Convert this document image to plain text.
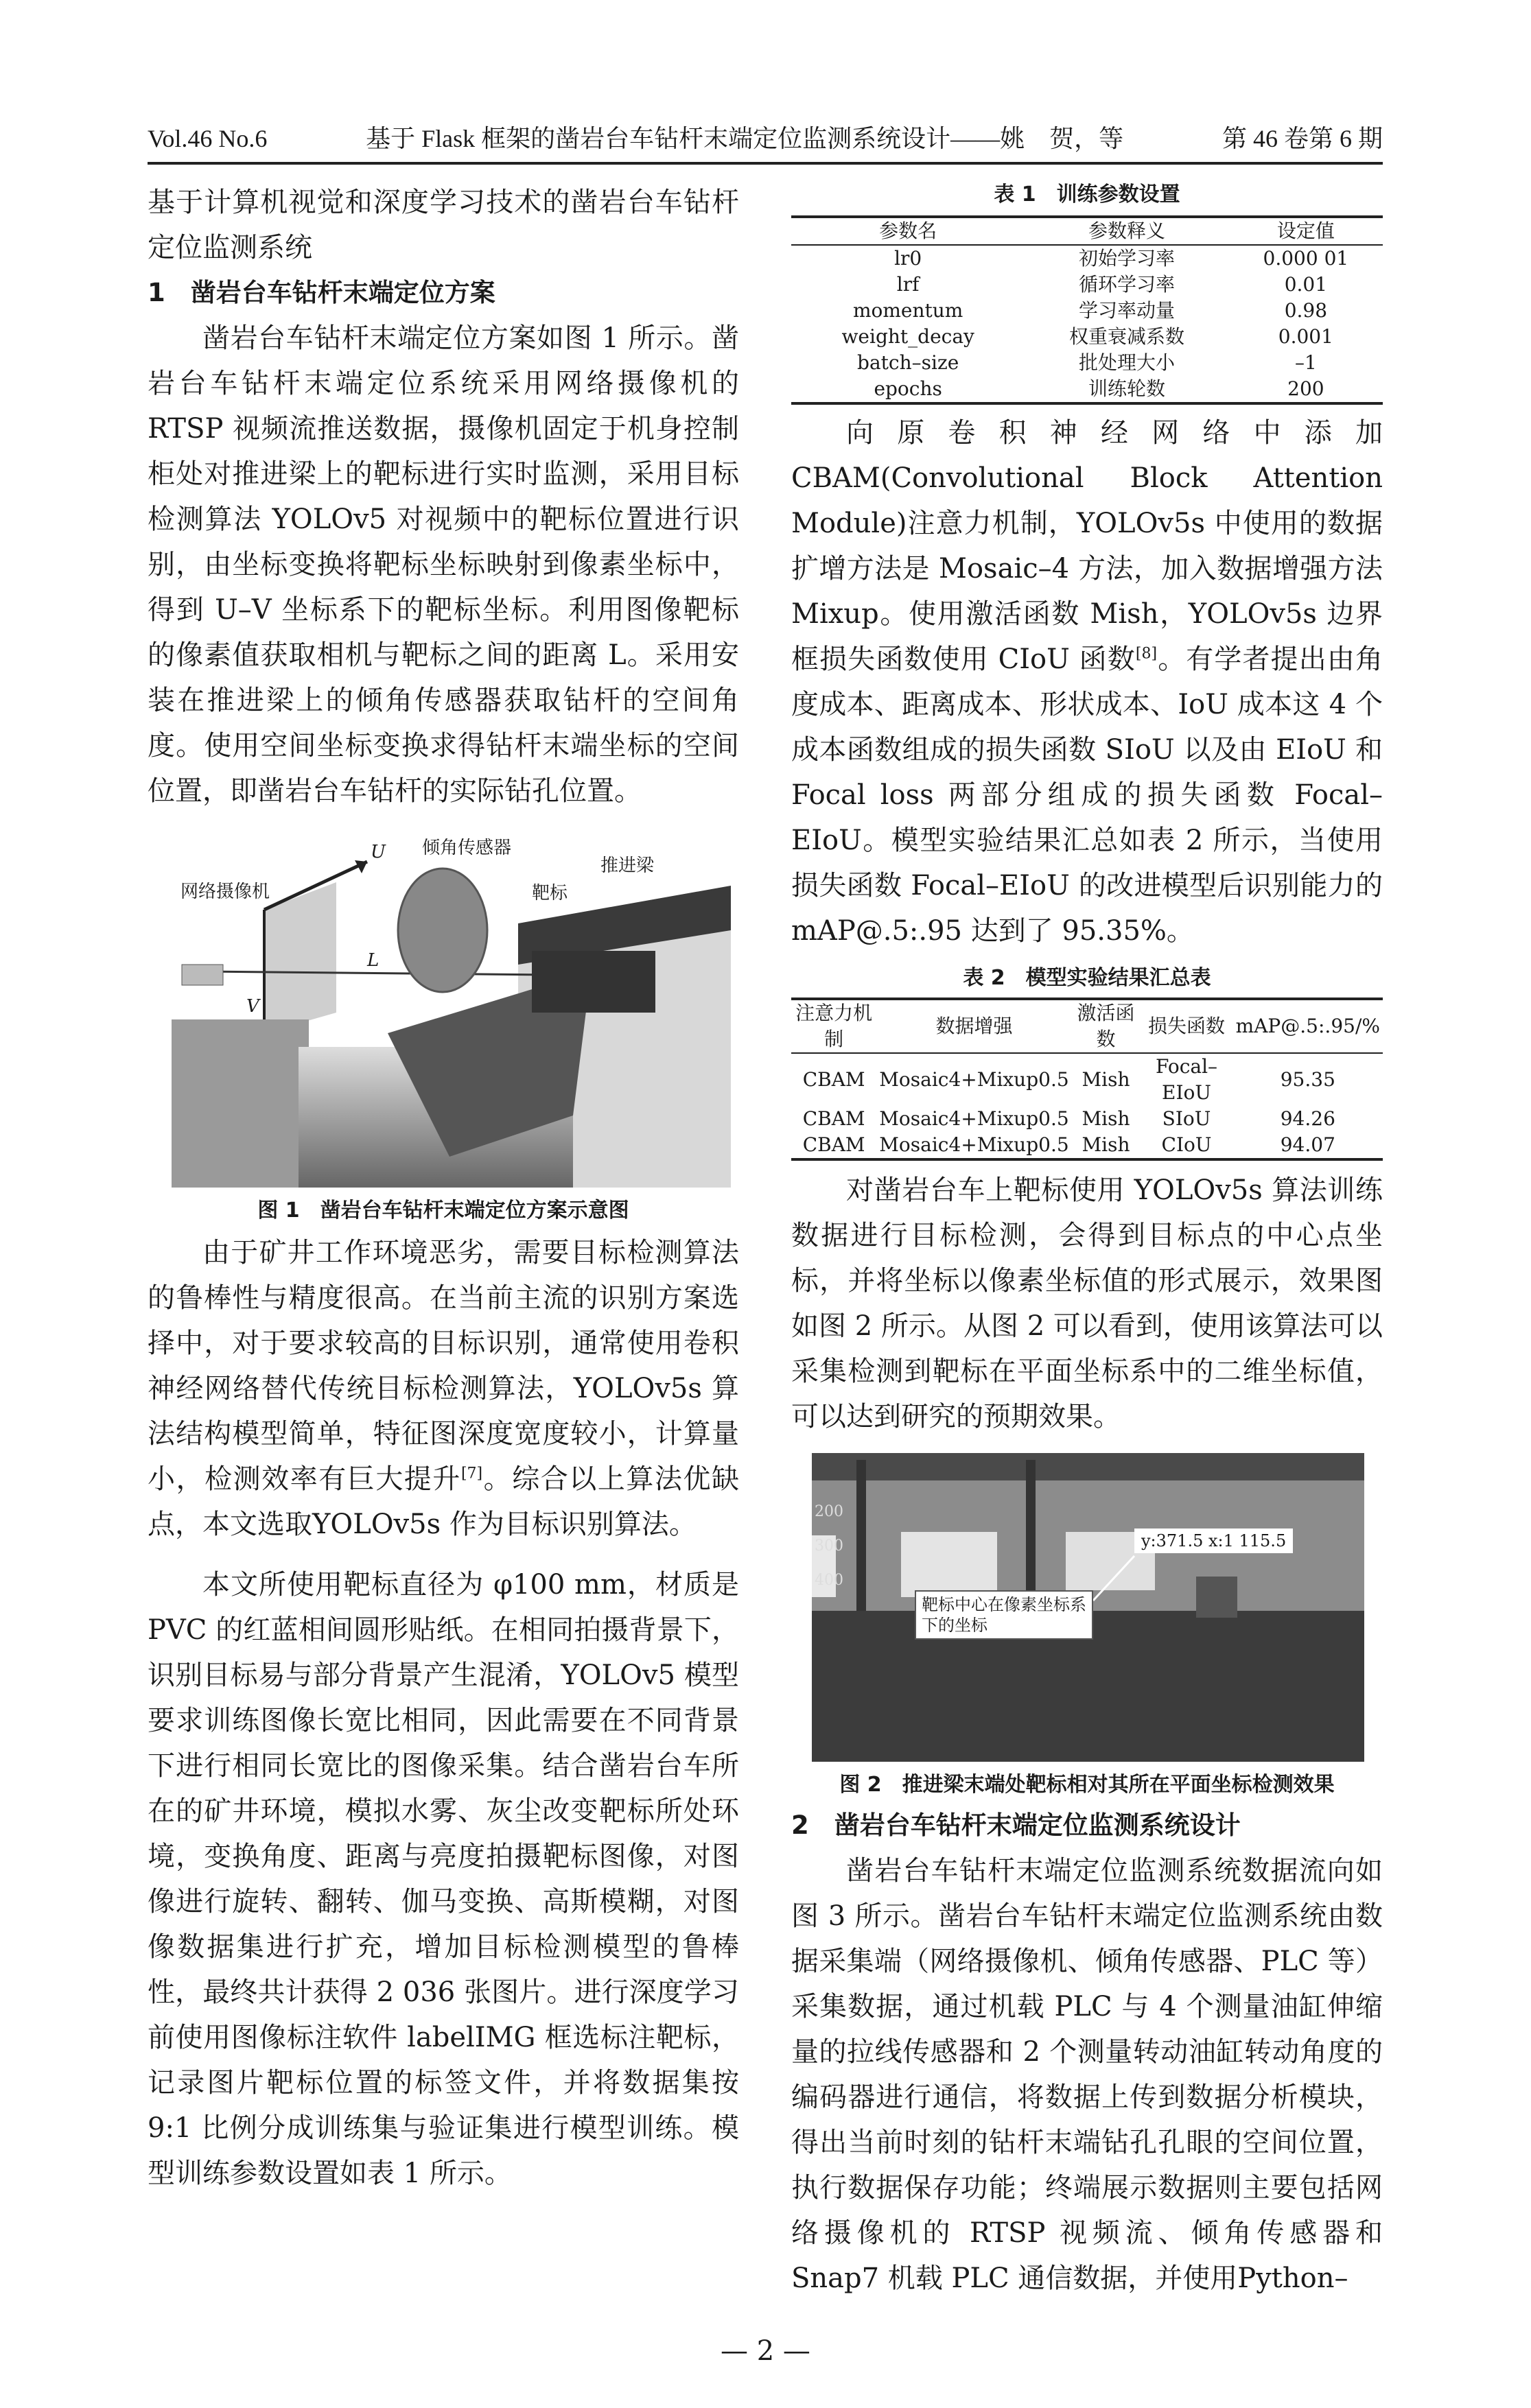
Vol.46 No.6	基于 Flask 框架的凿岩台车钻杆末端定位监测系统设计——姚　贺，等	第 46 卷第 6 期

基于计算机视觉和深度学习技术的凿岩台车钻杆定位监测系统

1　凿岩台车钻杆末端定位方案

凿岩台车钻杆末端定位方案如图 1 所示。凿岩台车钻杆末端定位系统采用网络摄像机的 RTSP 视频流推送数据，摄像机固定于机身控制柜处对推进梁上的靶标进行实时监测，采用目标检测算法 YOLOv5 对视频中的靶标位置进行识别，由坐标变换将靶标坐标映射到像素坐标中，得到 U–V 坐标系下的靶标坐标。利用图像靶标的像素值获取相机与靶标之间的距离 L。采用安装在推进梁上的倾角传感器获取钻杆的空间角度。使用空间坐标变换求得钻杆末端坐标的空间位置，即凿岩台车钻杆的实际钻孔位置。

网络摄像机
U
V
L
倾角传感器
靶标
推进梁
图 1　凿岩台车钻杆末端定位方案示意图

由于矿井工作环境恶劣，需要目标检测算法的鲁棒性与精度很高。在当前主流的识别方案选择中，对于要求较高的目标识别，通常使用卷积神经网络替代传统目标检测算法，YOLOv5s 算法结构模型简单，特征图深度宽度较小，计算量小，检测效率有巨大提升[7]。综合以上算法优缺点，本文选取YOLOv5s 作为目标识别算法。

本文所使用靶标直径为 φ100 mm，材质是 PVC 的红蓝相间圆形贴纸。在相同拍摄背景下，识别目标易与部分背景产生混淆，YOLOv5 模型要求训练图像长宽比相同，因此需要在不同背景下进行相同长宽比的图像采集。结合凿岩台车所在的矿井环境，模拟水雾、灰尘改变靶标所处环境，变换角度、距离与亮度拍摄靶标图像，对图像进行旋转、翻转、伽马变换、高斯模糊，对图像数据集进行扩充，增加目标检测模型的鲁棒性，最终共计获得 2 036 张图片。进行深度学习前使用图像标注软件 labelIMG 框选标注靶标，记录图片靶标位置的标签文件，并将数据集按 9:1 比例分成训练集与验证集进行模型训练。模型训练参数设置如表 1 所示。

表 1　训练参数设置
参数名	参数释义	设定值
lr0	初始学习率	0.000 01
lrf	循环学习率	0.01
momentum	学习率动量	0.98
weight_decay	权重衰减系数	0.001
batch–size	批处理大小	–1
epochs	训练轮数	200

向原卷积神经网络中添加 CBAM(Convolutional Block Attention Module)注意力机制，YOLOv5s 中使用的数据扩增方法是 Mosaic–4 方法，加入数据增强方法 Mixup。使用激活函数 Mish，YOLOv5s 边界框损失函数使用 CIoU 函数[8]。有学者提出由角度成本、距离成本、形状成本、IoU 成本这 4 个成本函数组成的损失函数 SIoU 以及由 EIoU 和 Focal loss 两部分组成的损失函数 Focal–EIoU。模型实验结果汇总如表 2 所示，当使用损失函数 Focal–EIoU 的改进模型后识别能力的 mAP@.5:.95 达到了 95.35%。

表 2　模型实验结果汇总表
注意力机制	数据增强	激活函数	损失函数	mAP@.5:.95/%
CBAM	Mosaic4+Mixup0.5	Mish	Focal–EIoU	95.35
CBAM	Mosaic4+Mixup0.5	Mish	SIoU	94.26
CBAM	Mosaic4+Mixup0.5	Mish	CIoU	94.07

对凿岩台车上靶标使用 YOLOv5s 算法训练数据进行目标检测，会得到目标点的中心点坐标，并将坐标以像素坐标值的形式展示，效果图如图 2 所示。从图 2 可以看到，使用该算法可以采集检测到靶标在平面坐标系中的二维坐标值，可以达到研究的预期效果。

200
300
400
y:371.5 x:1 115.5
靶标中心在像素坐标系下的坐标
图 2　推进梁末端处靶标相对其所在平面坐标检测效果
2　凿岩台车钻杆末端定位监测系统设计

凿岩台车钻杆末端定位监测系统数据流向如图 3 所示。凿岩台车钻杆末端定位监测系统由数据采集端（网络摄像机、倾角传感器、PLC 等）采集数据，通过机载 PLC 与 4 个测量油缸伸缩量的拉线传感器和 2 个测量转动油缸转动角度的编码器进行通信，将数据上传到数据分析模块，得出当前时刻的钻杆末端钻孔孔眼的空间位置，执行数据保存功能；终端展示数据则主要包括网络摄像机的 RTSP 视频流、倾角传感器和 Snap7 机载 PLC 通信数据，并使用Python–

— 2 —
